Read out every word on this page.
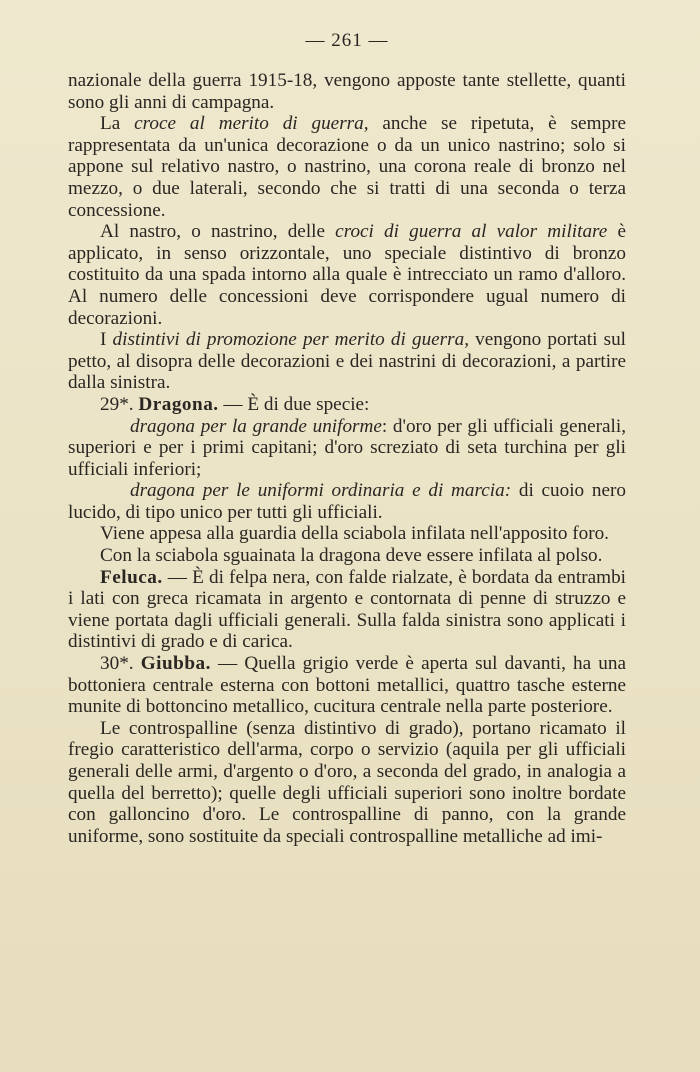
— 261 —

nazionale della guerra 1915-18, vengono apposte tante stellette, quanti sono gli anni di campagna.

La croce al merito di guerra, anche se ripetuta, è sempre rappresentata da un'unica decorazione o da un unico nastrino; solo si appone sul relativo nastro, o nastrino, una corona reale di bronzo nel mezzo, o due laterali, secondo che si tratti di una seconda o terza concessione.

Al nastro, o nastrino, delle croci di guerra al valor militare è applicato, in senso orizzontale, uno speciale distintivo di bronzo costituito da una spada intorno alla quale è intrecciato un ramo d'alloro. Al numero delle concessioni deve corrispondere ugual numero di decorazioni.

I distintivi di promozione per merito di guerra, vengono portati sul petto, al disopra delle decorazioni e dei nastrini di decorazioni, a partire dalla sinistra.

29*. Dragona. — È di due specie:

dragona per la grande uniforme: d'oro per gli ufficiali generali, superiori e per i primi capitani; d'oro screziato di seta turchina per gli ufficiali inferiori;

dragona per le uniformi ordinaria e di marcia: di cuoio nero lucido, di tipo unico per tutti gli ufficiali.

Viene appesa alla guardia della sciabola infilata nell'apposito foro.

Con la sciabola sguainata la dragona deve essere infilata al polso.

Feluca. — È di felpa nera, con falde rialzate, è bordata da entrambi i lati con greca ricamata in argento e contornata di penne di struzzo e viene portata dagli ufficiali generali. Sulla falda sinistra sono applicati i distintivi di grado e di carica.

30*. Giubba. — Quella grigio verde è aperta sul davanti, ha una bottoniera centrale esterna con bottoni metallici, quattro tasche esterne munite di bottoncino metallico, cucitura centrale nella parte posteriore.

Le controspalline (senza distintivo di grado), portano ricamato il fregio caratteristico dell'arma, corpo o servizio (aquila per gli ufficiali generali delle armi, d'argento o d'oro, a seconda del grado, in analogia a quella del berretto); quelle degli ufficiali superiori sono inoltre bordate con galloncino d'oro. Le controspalline di panno, con la grande uniforme, sono sostituite da speciali controspalline metalliche ad imi-
